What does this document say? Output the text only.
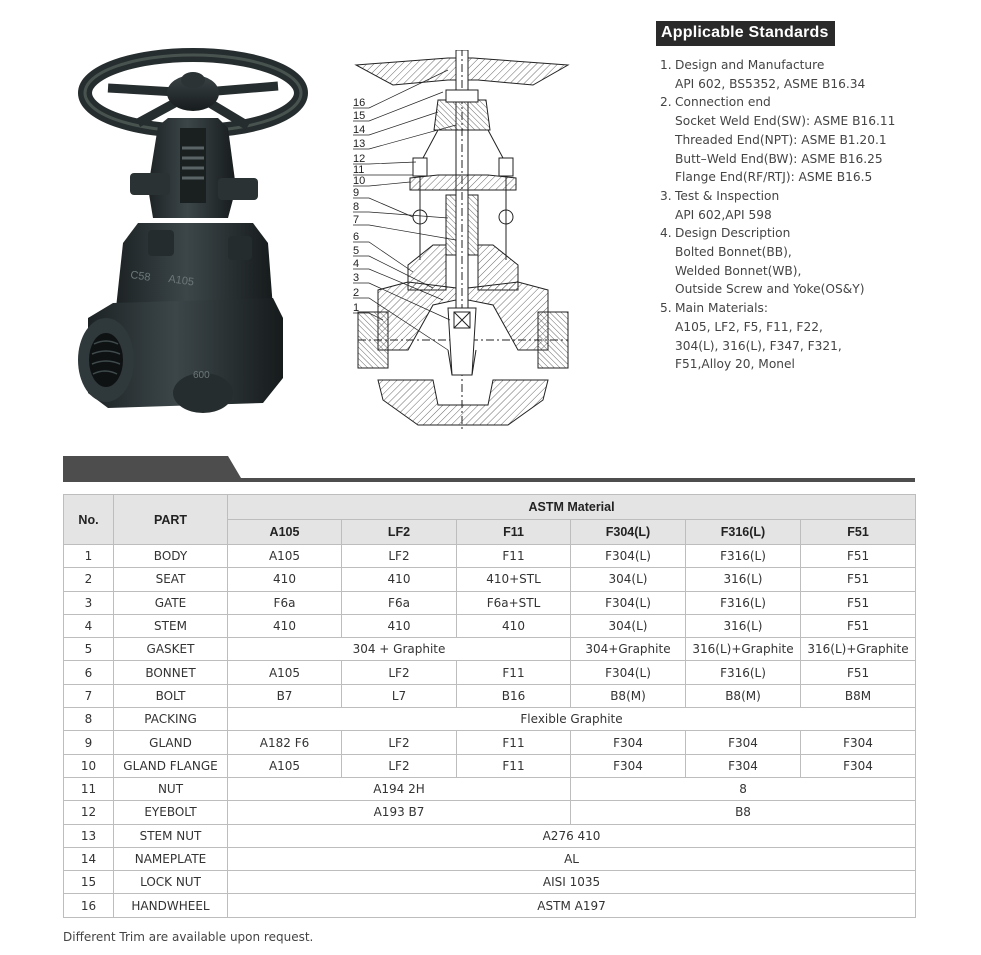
C58 A105
600
16
15
14
13
12
11
10
9
8
7
6
5
4
3
2
1
Applicable Standards
1. Design and Manufacture
API 602, BS5352, ASME B16.34
2. Connection end
Socket Weld End(SW): ASME B16.11
Threaded End(NPT): ASME B1.20.1
Butt–Weld End(BW): ASME B16.25
Flange End(RF/RTJ): ASME B16.5
3. Test & Inspection
API 602,API 598
4. Design Description
Bolted Bonnet(BB),
Welded Bonnet(WB),
Outside Screw and Yoke(OS&Y)
5. Main Materials:
A105, LF2, F5, F11, F22,
304(L), 316(L), F347, F321,
F51,Alloy 20, Monel
No.	PART	ASTM Material					
		A105	LF2	F11	F304(L)	F316(L)	F51
1	BODY	A105	LF2	F11	F304(L)	F316(L)	F51
2	SEAT	410	410	410+STL	304(L)	316(L)	F51
3	GATE	F6a	F6a	F6a+STL	F304(L)	F316(L)	F51
4	STEM	410	410	410	304(L)	316(L)	F51
5	GASKET	304 + Graphite			304+Graphite	316(L)+Graphite	316(L)+Graphite
6	BONNET	A105	LF2	F11	F304(L)	F316(L)	F51
7	BOLT	B7	L7	B16	B8(M)	B8(M)	B8M
8	PACKING	Flexible Graphite					
9	GLAND	A182 F6	LF2	F11	F304	F304	F304
10	GLAND FLANGE	A105	LF2	F11	F304	F304	F304
11	NUT	A194 2H			8		
12	EYEBOLT	A193 B7			B8		
13	STEM NUT	A276 410					
14	NAMEPLATE	AL					
15	LOCK NUT	AISI 1035					
16	HANDWHEEL	ASTM A197					
Different Trim are available upon request.
